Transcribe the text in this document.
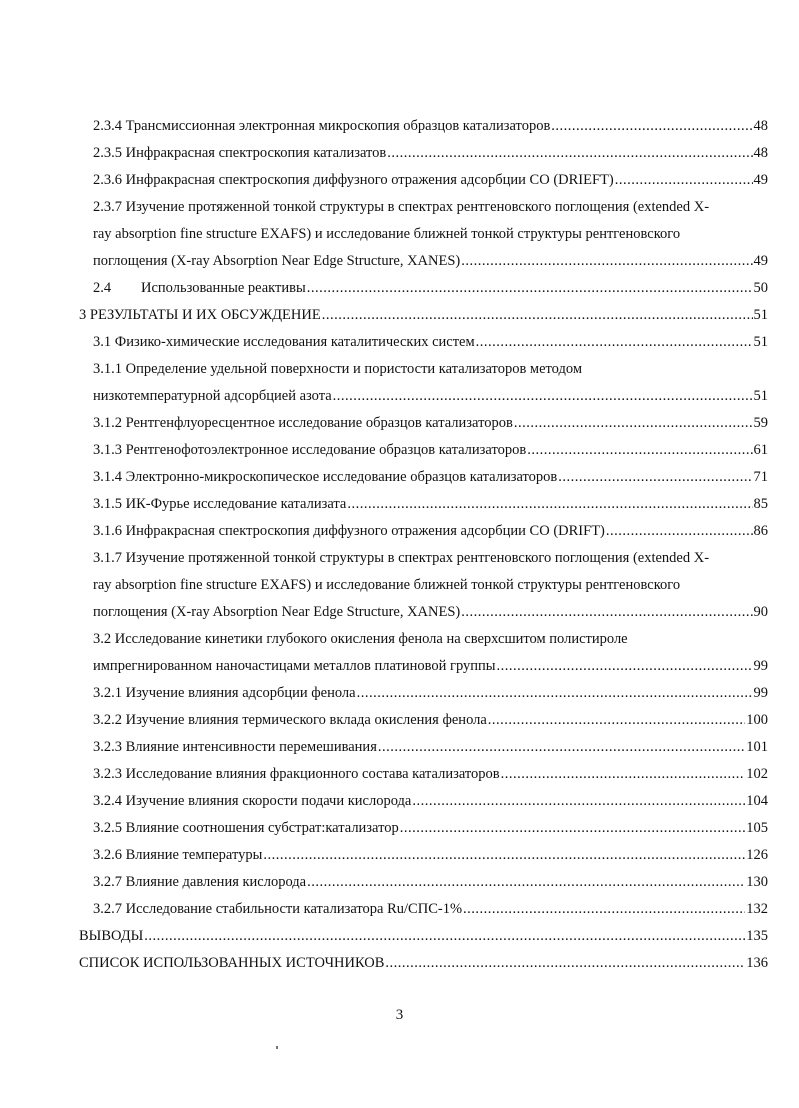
2.3.4 Трансмиссионная электронная микроскопия образцов катализаторов .....	48
2.3.5 Инфракрасная спектроскопия катализатов .....	48
2.3.6 Инфракрасная спектроскопия диффузного отражения адсорбции СО (DRIEFT) .....	49
2.3.7 Изучение протяженной тонкой структуры в спектрах рентгеновского поглощения (extended X-
ray absorption fine structure EXAFS) и исследование ближней тонкой структуры рентгеновского
поглощения (X-ray Absorption Near Edge Structure, XANES) .....	49
2.4 Использованные реактивы .....	50
3 РЕЗУЛЬТАТЫ И ИХ ОБСУЖДЕНИЕ .....	51
3.1 Физико-химические исследования каталитических систем .....	51
3.1.1 Определение удельной поверхности и пористости катализаторов методом
низкотемпературной адсорбцией азота .....	51
3.1.2 Рентгенфлуоресцентное исследование образцов катализаторов .....	59
3.1.3 Рентгенофотоэлектронное исследование образцов катализаторов .....	61
3.1.4 Электронно-микроскопическое исследование образцов катализаторов .....	71
3.1.5 ИК-Фурье исследование катализата .....	85
3.1.6 Инфракрасная спектроскопия диффузного отражения адсорбции СО (DRIFT) .....	86
3.1.7 Изучение протяженной тонкой структуры в спектрах рентгеновского поглощения (extended X-
ray absorption fine structure EXAFS) и исследование ближней тонкой структуры рентгеновского
поглощения (X-ray Absorption Near Edge Structure, XANES) .....	90
3.2 Исследование кинетики глубокого окисления фенола на сверхсшитом полистироле
импрегнированном наночастицами металлов платиновой группы .....	99
3.2.1 Изучение влияния адсорбции фенола .....	99
3.2.2 Изучение влияния термического вклада окисления фенола .....	100
3.2.3 Влияние интенсивности перемешивания .....	101
3.2.3 Исследование влияния фракционного состава катализаторов .....	102
3.2.4 Изучение влияния скорости подачи кислорода .....	104
3.2.5 Влияние соотношения субстрат:катализатор .....	105
3.2.6 Влияние температуры .....	126
3.2.7 Влияние давления кислорода .....	130
3.2.7 Исследование стабильности катализатора Ru/СПС-1% .....	132
ВЫВОДЫ .....	135
СПИСОК ИСПОЛЬЗОВАННЫХ ИСТОЧНИКОВ .....	136
3
